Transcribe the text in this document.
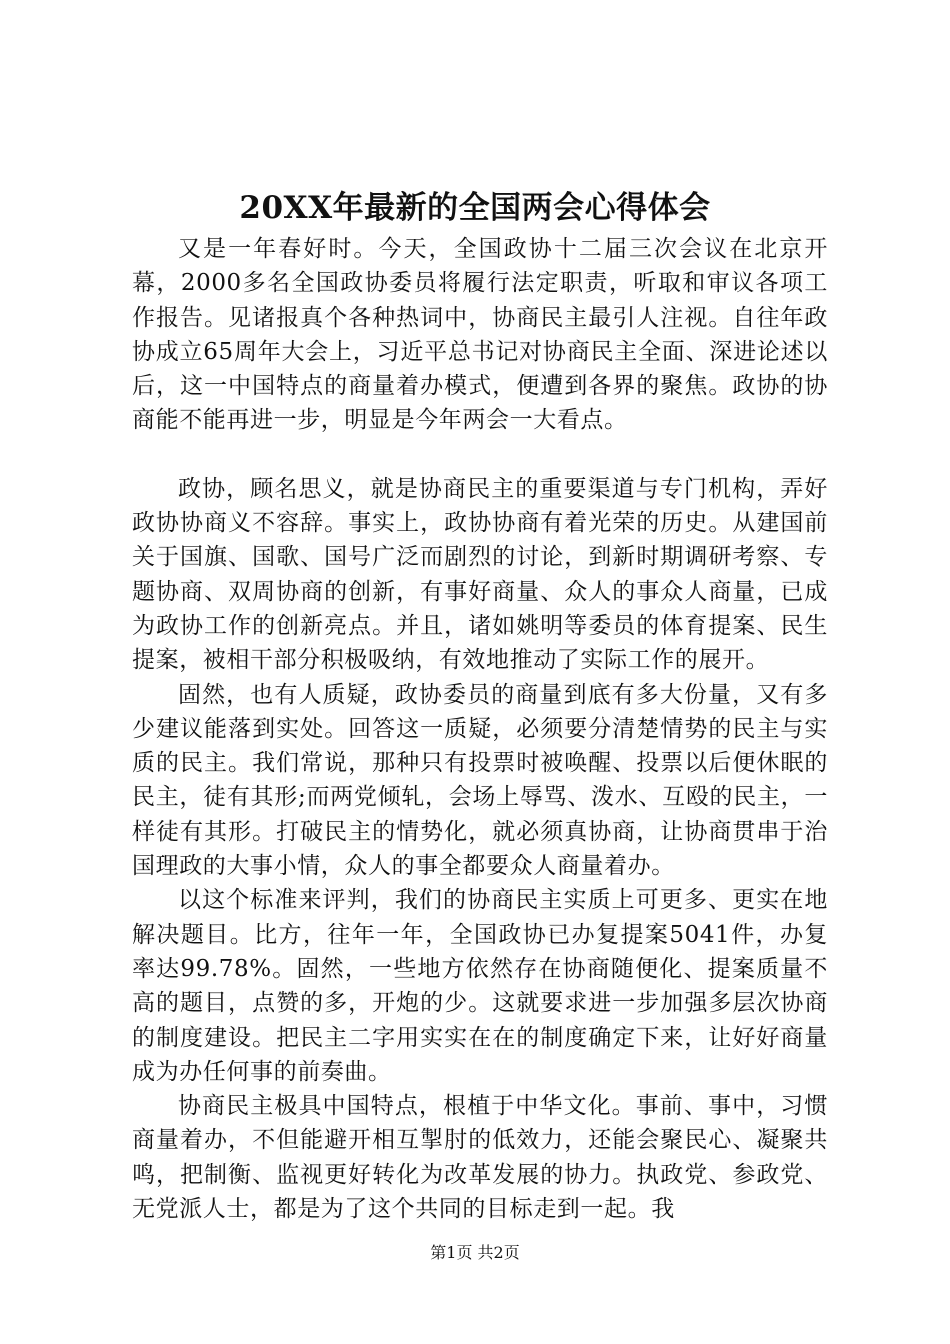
20XX年最新的全国两会心得体会

又是一年春好时。今天，全国政协十二届三次会议在北京开幕，2000多名全国政协委员将履行法定职责，听取和审议各项工作报告。见诸报真个各种热词中，协商民主最引人注视。自往年政协成立65周年大会上，习近平总书记对协商民主全面、深进论述以后，这一中国特点的商量着办模式，便遭到各界的聚焦。政协的协商能不能再进一步，明显是今年两会一大看点。

政协，顾名思义，就是协商民主的重要渠道与专门机构，弄好政协协商义不容辞。事实上，政协协商有着光荣的历史。从建国前关于国旗、国歌、国号广泛而剧烈的讨论，到新时期调研考察、专题协商、双周协商的创新，有事好商量、众人的事众人商量，已成为政协工作的创新亮点。并且，诸如姚明等委员的体育提案、民生提案，被相干部分积极吸纳，有效地推动了实际工作的展开。

固然，也有人质疑，政协委员的商量到底有多大份量，又有多少建议能落到实处。回答这一质疑，必须要分清楚情势的民主与实质的民主。我们常说，那种只有投票时被唤醒、投票以后便休眠的民主，徒有其形;而两党倾轧，会场上辱骂、泼水、互殴的民主，一样徒有其形。打破民主的情势化，就必须真协商，让协商贯串于治国理政的大事小情，众人的事全都要众人商量着办。

以这个标准来评判，我们的协商民主实质上可更多、更实在地解决题目。比方，往年一年，全国政协已办复提案5041件，办复率达99.78%。固然，一些地方依然存在协商随便化、提案质量不高的题目，点赞的多，开炮的少。这就要求进一步加强多层次协商的制度建设。把民主二字用实实在在的制度确定下来，让好好商量成为办任何事的前奏曲。

协商民主极具中国特点，根植于中华文化。事前、事中，习惯商量着办，不但能避开相互掣肘的低效力，还能会聚民心、凝聚共鸣，把制衡、监视更好转化为改革发展的协力。执政党、参政党、无党派人士，都是为了这个共同的目标走到一起。我

第1页 共2页
